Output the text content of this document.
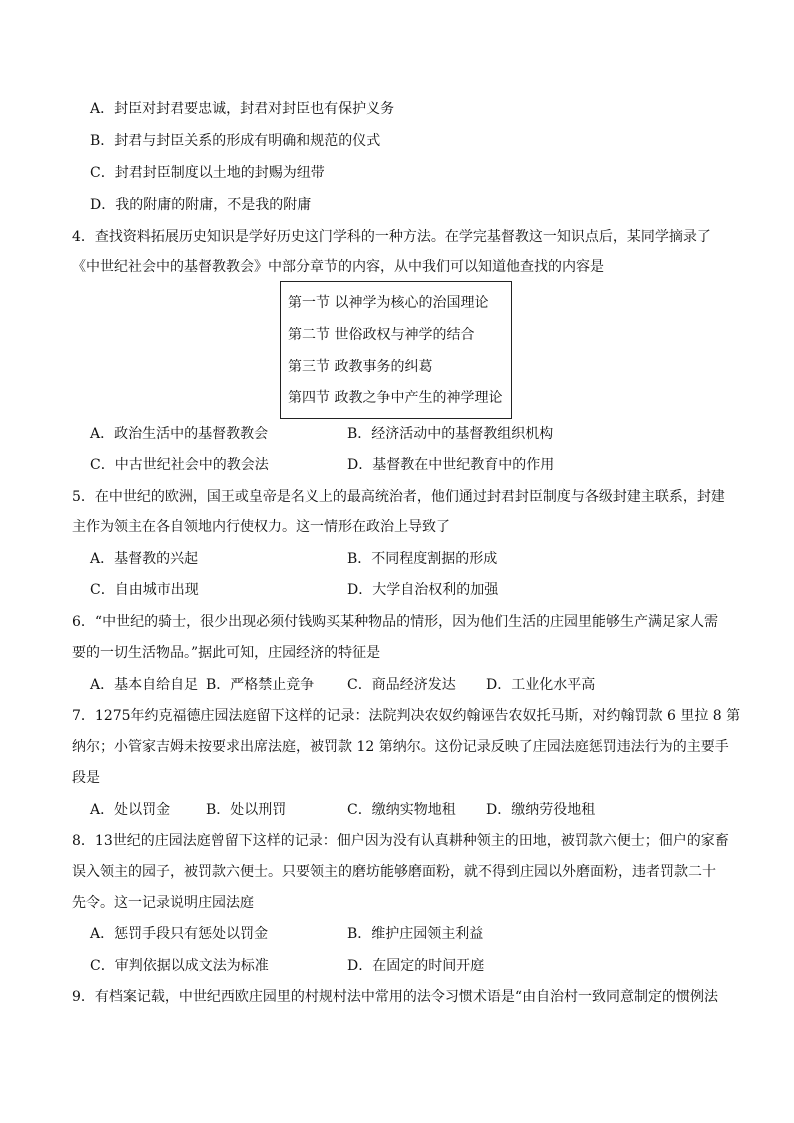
A．封臣对封君要忠诚，封君对封臣也有保护义务
B．封君与封臣关系的形成有明确和规范的仪式
C．封君封臣制度以土地的封赐为纽带
D．我的附庸的附庸，不是我的附庸
4．查找资料拓展历史知识是学好历史这门学科的一种方法。在学完基督教这一知识点后，某同学摘录了
《中世纪社会中的基督教教会》中部分章节的内容，从中我们可以知道他查找的内容是
第一节 以神学为核心的治国理论
第二节 世俗政权与神学的结合
第三节 政教事务的纠葛
第四节 政教之争中产生的神学理论
A．政治生活中的基督教教会	B．经济活动中的基督教组织机构
C．中古世纪社会中的教会法	D．基督教在中世纪教育中的作用
5．在中世纪的欧洲，国王或皇帝是名义上的最高统治者，他们通过封君封臣制度与各级封建主联系，封建
主作为领主在各自领地内行使权力。这一情形在政治上导致了
A．基督教的兴起	B．不同程度割据的形成
C．自由城市出现	D．大学自治权利的加强
6．“中世纪的骑士，很少出现必须付钱购买某种物品的情形，因为他们生活的庄园里能够生产满足家人需
要的一切生活物品。”据此可知，庄园经济的特征是
A．基本自给自足 B．严格禁止竞争 C．商品经济发达 D．工业化水平高
7．1275年约克福德庄园法庭留下这样的记录：法院判决农奴约翰诬告农奴托马斯，对约翰罚款 6 里拉 8 第
纳尔；小管家吉姆未按要求出席法庭，被罚款 12 第纳尔。这份记录反映了庄园法庭惩罚违法行为的主要手
段是
A．处以罚金	B．处以刑罚	C．缴纳实物地租 D．缴纳劳役地租
8．13世纪的庄园法庭曾留下这样的记录：佃户因为没有认真耕种领主的田地，被罚款六便士；佃户的家畜
误入领主的园子，被罚款六便士。只要领主的磨坊能够磨面粉，就不得到庄园以外磨面粉，违者罚款二十
先令。这一记录说明庄园法庭
A．惩罚手段只有惩处以罚金	B．维护庄园领主利益
C．审判依据以成文法为标准	D．在固定的时间开庭
9．有档案记载，中世纪西欧庄园里的村规村法中常用的法令习惯术语是“由自治村一致同意制定的惯例法
